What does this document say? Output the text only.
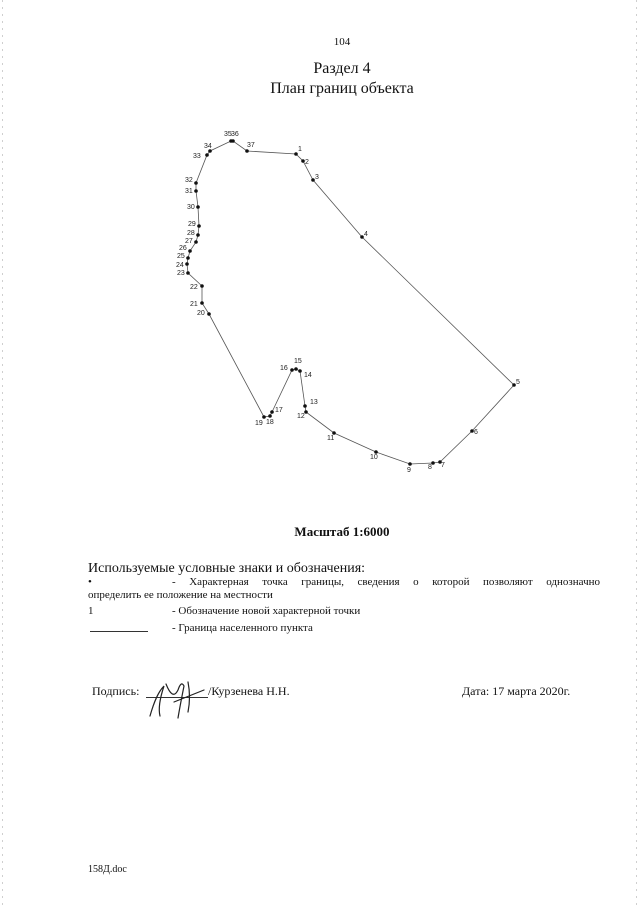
104
Раздел 4
План границ объекта
1
2
3
4
5
6
7
8
9
10
11
12
13
14
15
16
17
18
19
20
21
22
23
24
25
26
27
28
29
30
31
32
33
34
35 36
37
Масштаб 1:6000
Используемые условные знаки и обозначения:
•	- Характерная точка границы, сведения о которой позволяют однозначно
определить ее положение на местности
1	- Обозначение новой характерной точки
- Граница населенного пункта
Подпись:	/Курзенева Н.Н.	Дата: 17 марта 2020г.
158Д.doc
